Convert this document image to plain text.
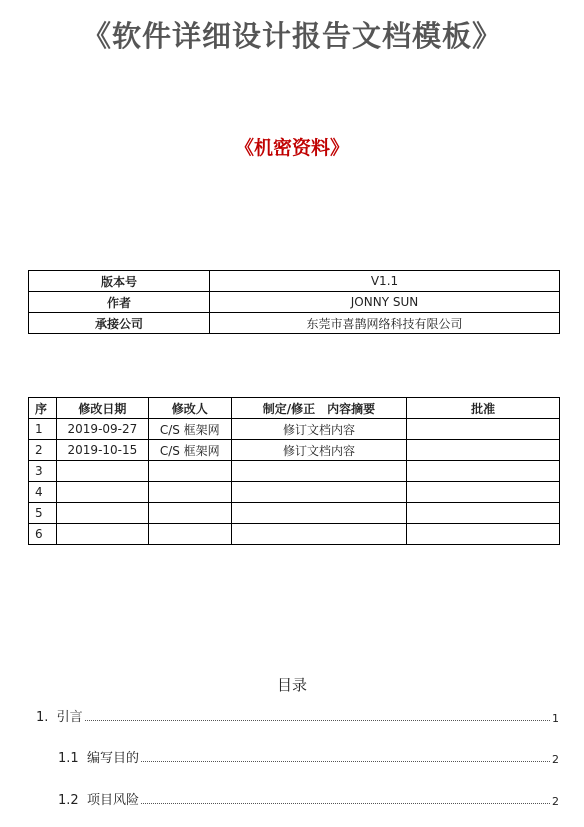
《软件详细设计报告文档模板》
《机密资料》
版本号	V1.1
作者	JONNY SUN
承接公司	东莞市喜鹊网络科技有限公司
序	修改日期	修改人	制定/修正　内容摘要	批准
1	2019-09-27	C/S 框架网	修订文档内容	
2	2019-10-15	C/S 框架网	修订文档内容	
3				
4				
5				
6				
目录
1.  引言	1
1.1  编写目的	2
1.2  项目风险	2
